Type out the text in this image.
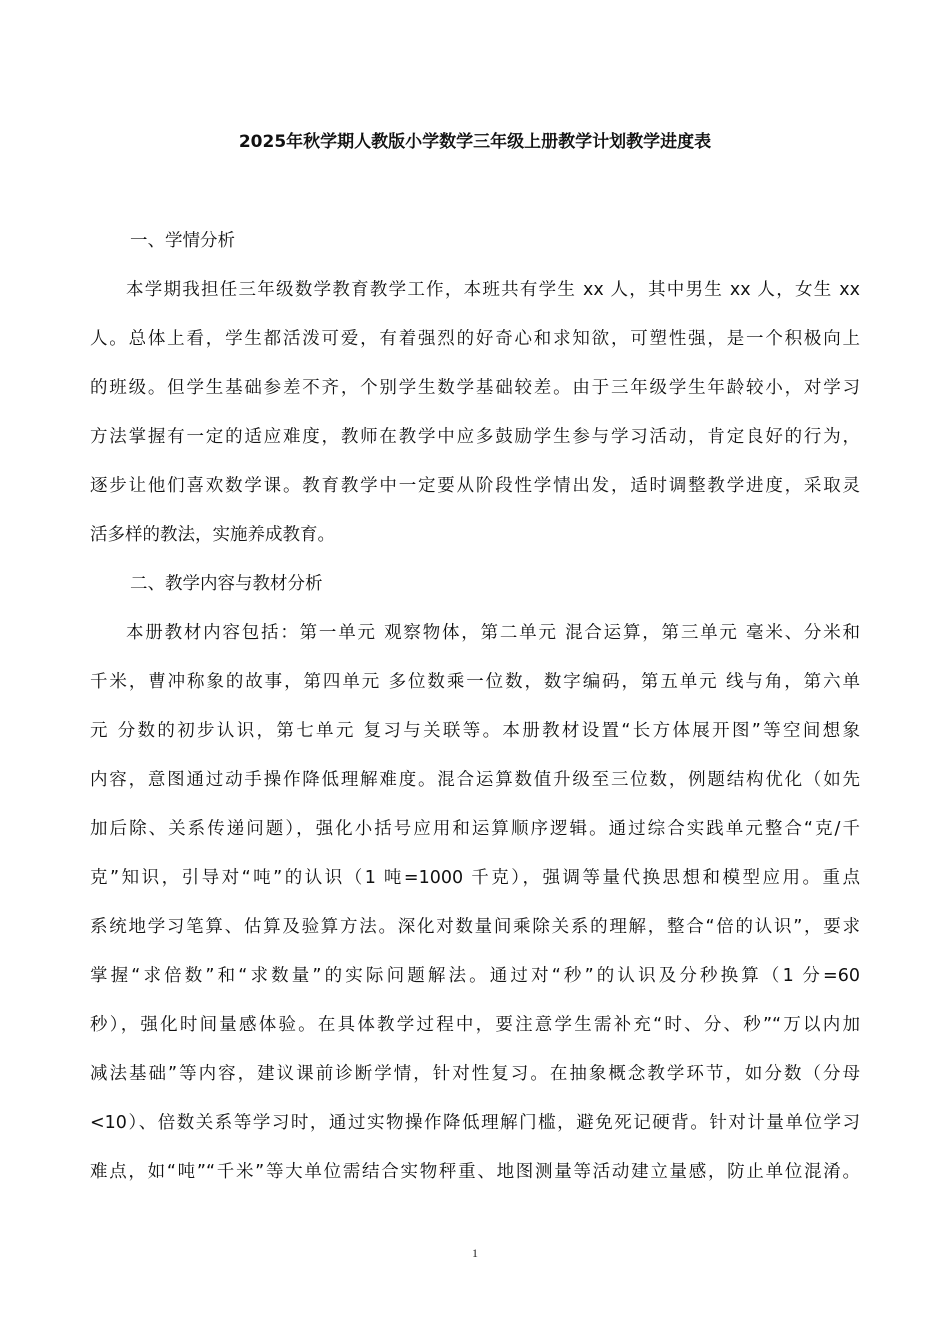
2025年秋学期人教版小学数学三年级上册教学计划教学进度表
一、学情分析
本学期我担任三年级数学教育教学工作，本班共有学生 xx 人，其中男生 xx 人，女生 xx
人。总体上看，学生都活泼可爱，有着强烈的好奇心和求知欲，可塑性强，是一个积极向上
的班级。但学生基础参差不齐，个别学生数学基础较差。由于三年级学生年龄较小，对学习
方法掌握有一定的适应难度，教师在教学中应多鼓励学生参与学习活动，肯定良好的行为，
逐步让他们喜欢数学课。教育教学中一定要从阶段性学情出发，适时调整教学进度，采取灵
活多样的教法，实施养成教育。
二、教学内容与教材分析
本册教材内容包括：第一单元 观察物体，第二单元 混合运算，第三单元 毫米、分米和
千米，曹冲称象的故事，第四单元 多位数乘一位数，数字编码，第五单元 线与角，第六单
元 分数的初步认识，第七单元 复习与关联等。本册教材设置“长方体展开图”等空间想象
内容，意图通过动手操作降低理解难度。混合运算数值升级至三位数，例题结构优化（如先
加后除、关系传递问题），强化小括号应用和运算顺序逻辑。通过综合实践单元整合“克/千
克”知识，引导对“吨”的认识（1 吨=1000 千克），强调等量代换思想和模型应用。重点
系统地学习笔算、估算及验算方法。深化对数量间乘除关系的理解，整合“倍的认识”，要求
掌握“求倍数”和“求数量”的实际问题解法。通过对“秒”的认识及分秒换算（1 分=60
秒），强化时间量感体验。在具体教学过程中，要注意学生需补充“时、分、秒”“万以内加
减法基础”等内容，建议课前诊断学情，针对性复习。在抽象概念教学环节，如分数（分母
<10）、倍数关系等学习时，通过实物操作降低理解门槛，避免死记硬背。针对计量单位学习
难点，如“吨”“千米”等大单位需结合实物秤重、地图测量等活动建立量感，防止单位混淆。
1
